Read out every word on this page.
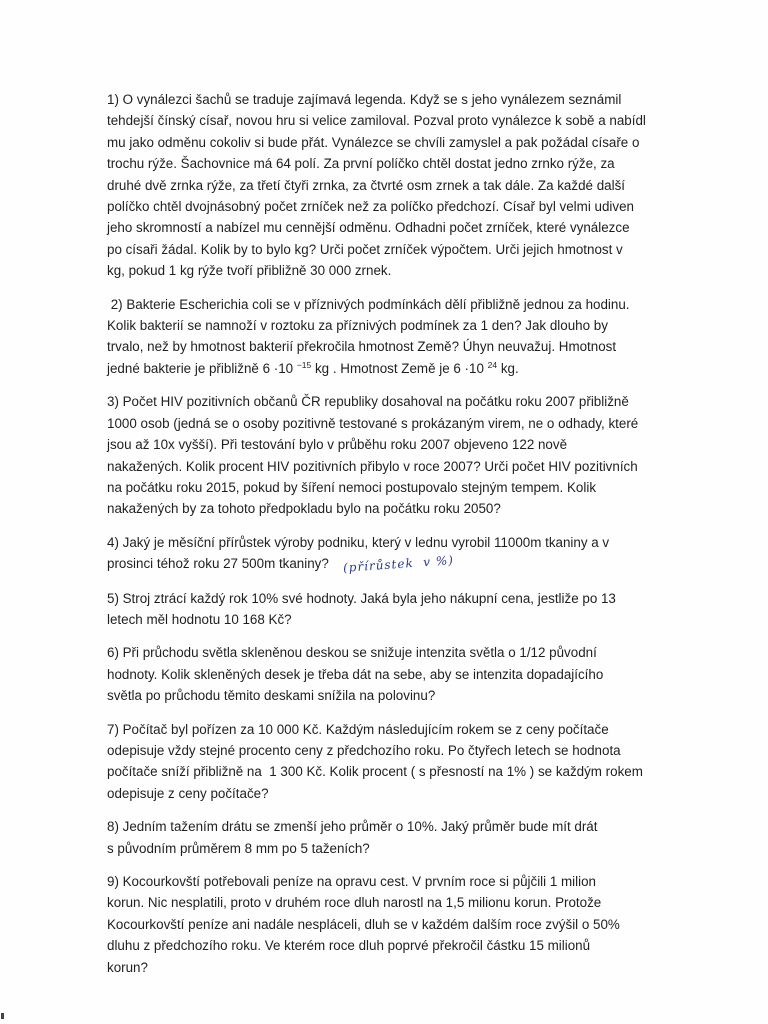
1) O vynálezci šachů se traduje zajímavá legenda. Když se s jeho vynálezem seznámil
tehdejší čínský císař, novou hru si velice zamiloval. Pozval proto vynálezce k sobě a nabídl
mu jako odměnu cokoliv si bude přát. Vynálezce se chvíli zamyslel a pak požádal císaře o
trochu rýže. Šachovnice má 64 polí. Za první políčko chtěl dostat jedno zrnko rýže, za
druhé dvě zrnka rýže, za třetí čtyři zrnka, za čtvrté osm zrnek a tak dále. Za každé další
políčko chtěl dvojnásobný počet zrníček než za políčko předchozí. Císař byl velmi udiven
jeho skromností a nabízel mu cennější odměnu. Odhadni počet zrníček, které vynálezce
po císaři žádal. Kolik by to bylo kg? Urči počet zrníček výpočtem. Urči jejich hmotnost v
kg, pokud 1 kg rýže tvoří přibližně 30 000 zrnek.

2) Bakterie Escherichia coli se v příznivých podmínkách dělí přibližně jednou za hodinu.
Kolik bakterií se namnoží v roztoku za příznivých podmínek za 1 den? Jak dlouho by
trvalo, než by hmotnost bakterií překročila hmotnost Země? Úhyn neuvažuj. Hmotnost
jedné bakterie je přibližně 6 ·10 $^{-15}$ kg . Hmotnost Země je 6 ·10 $^{24}$ kg.

3) Počet HIV pozitivních občanů ČR republiky dosahoval na počátku roku 2007 přibližně
1000 osob (jedná se o osoby pozitivně testované s prokázaným virem, ne o odhady, které
jsou až 10x vyšší). Při testování bylo v průběhu roku 2007 objeveno 122 nově
nakažených. Kolik procent HIV pozitivních přibylo v roce 2007? Urči počet HIV pozitivních
na počátku roku 2015, pokud by šíření nemoci postupovalo stejným tempem. Kolik
nakažených by za tohoto předpokladu bylo na počátku roku 2050?

4) Jaký je měsíční přírůstek výroby podniku, který v lednu vyrobil 11000m tkaniny a v
prosinci téhož roku 27 500m tkaniny? (přírůstek  v %)

5) Stroj ztrácí každý rok 10% své hodnoty. Jaká byla jeho nákupní cena, jestliže po 13
letech měl hodnotu 10 168 Kč?

6) Při průchodu světla skleněnou deskou se snižuje intenzita světla o 1/12 původní
hodnoty. Kolik skleněných desek je třeba dát na sebe, aby se intenzita dopadajícího
světla po průchodu těmito deskami snížila na polovinu?

7) Počítač byl pořízen za 10 000 Kč. Každým následujícím rokem se z ceny počítače
odepisuje vždy stejné procento ceny z předchozího roku. Po čtyřech letech se hodnota
počítače sníží přibližně na  1 300 Kč. Kolik procent ( s přesností na 1% ) se každým rokem
odepisuje z ceny počítače?

8) Jedním tažením drátu se zmenší jeho průměr o 10%. Jaký průměr bude mít drát
s původním průměrem 8 mm po 5 taženích?

9) Kocourkovští potřebovali peníze na opravu cest. V prvním roce si půjčili 1 milion
korun. Nic nesplatili, proto v druhém roce dluh narostl na 1,5 milionu korun. Protože
Kocourkovští peníze ani nadále nespláceli, dluh se v každém dalším roce zvýšil o 50%
dluhu z předchozího roku. Ve kterém roce dluh poprvé překročil částku 15 milionů
korun?
